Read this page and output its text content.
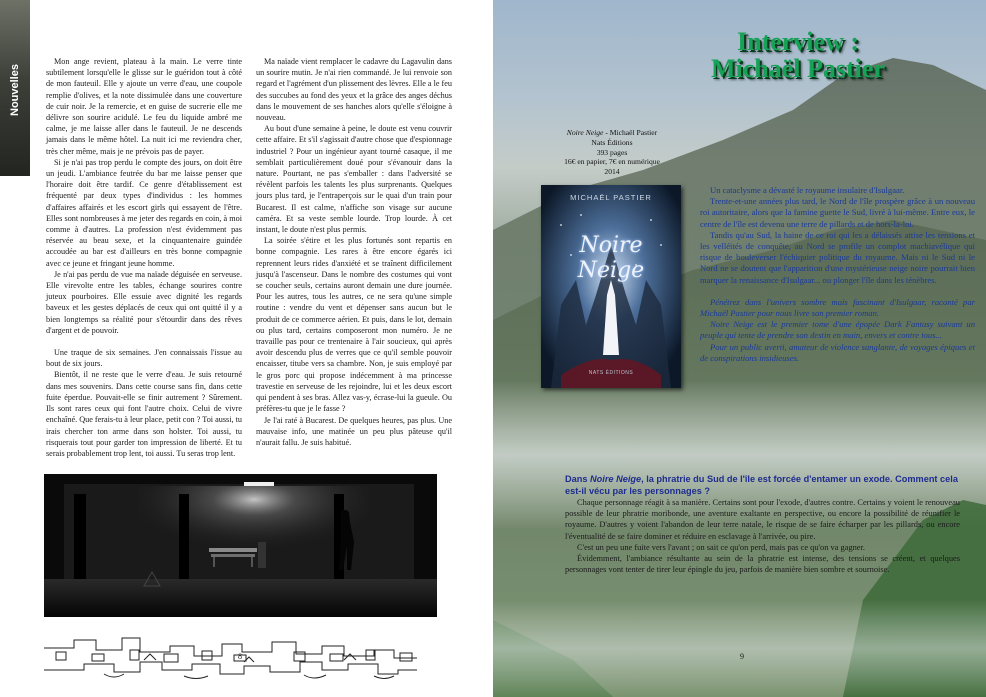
Nouvelles

Mon ange revient, plateau à la main. Le verre tinte subtilement lorsqu'elle le glisse sur le guéridon tout à côté de mon fauteuil. Elle y ajoute un verre d'eau, une coupole remplie d'olives, et la note dissimulée dans une couverture de cuir noir. Je la remercie, et en guise de sucrerie elle me délivre son sourire acidulé. Le feu du liquide ambré me calme, je me laisse aller dans le fauteuil. Je ne descends jamais dans le même hôtel. La nuit ici me reviendra cher, très cher même, mais je ne prévois pas de payer.

Si je n'ai pas trop perdu le compte des jours, on doit être un jeudi. L'ambiance feutrée du bar me laisse penser que l'horaire doit être tardif. Ce genre d'établissement est fréquenté par deux types d'individus : les hommes d'affaires affairés et les escort girls qui essayent de l'être. Elles sont nombreuses à me jeter des regards en coin, à moi comme à d'autres. La profession n'est évidemment pas réservée au beau sexe, et la cinquantenaire guindée accoudée au bar est d'ailleurs en très bonne compagnie avec ce jeune et fringant jeune homme.

Je n'ai pas perdu de vue ma naïade déguisée en serveuse. Elle virevolte entre les tables, échange sourires contre juteux pourboires. Elle essuie avec dignité les regards baveux et les gestes déplacés de ceux qui ont quitté il y a bien longtemps sa réalité pour s'étourdir dans des rêves d'argent et de pouvoir.

Une traque de six semaines. J'en connaissais l'issue au bout de six jours.

Bientôt, il ne reste que le verre d'eau. Je suis retourné dans mes souvenirs. Dans cette course sans fin, dans cette fuite éperdue. Pouvait-elle se finir autrement ? Sûrement. Ils sont rares ceux qui font l'autre choix. Celui de vivre enchaîné. Que ferais-tu à leur place, petit con ? Toi aussi, tu irais chercher ton arme dans son holster. Toi aussi, tu risquerais tout pour garder ton impression de liberté. Et tu serais probablement trop lent, toi aussi. Tu seras trop lent.

Ma naïade vient remplacer le cadavre du Lagavulin dans un sourire mutin. Je n'ai rien commandé. Je lui renvoie son regard et l'agrément d'un plissement des lèvres. Elle a le feu des succubes au fond des yeux et la grâce des anges déchus dans le mouvement de ses hanches alors qu'elle s'éloigne à nouveau.

Au bout d'une semaine à peine, le doute est venu couvrir cette affaire. Et s'il s'agissait d'autre chose que d'espionnage industriel ? Pour un ingénieur ayant tourné casaque, il me semblait particulièrement doué pour s'évanouir dans la nature. Pourtant, ne pas s'emballer : dans l'adversité se révèlent parfois les talents les plus surprenants. Quelques jours plus tard, je l'entraperçois sur le quai d'un train pour Bucarest. Il est calme, n'affiche son visage sur aucune caméra. Et sa veste semble lourde. Trop lourde. À cet instant, le doute n'est plus permis.

La soirée s'étire et les plus fortunés sont repartis en bonne compagnie. Les rares à être encore égarés ici reprennent leurs rides d'anxiété et se traînent difficilement jusqu'à l'ascenseur. Dans le nombre des costumes qui vont se coucher seuls, certains auront demain une dure journée. Pour les autres, tous les autres, ce ne sera qu'une simple routine : vendre du vent et dépenser sans aucun but le produit de ce commerce aérien. Et puis, dans le lot, demain ou plus tard, certains composeront mon numéro. Je ne travaille pas pour ce trentenaire à l'air soucieux, qui après avoir descendu plus de verres que ce qu'il semble pouvoir encaisser, titube vers sa chambre. Non, je suis employé par le gros porc qui propose indécemment à ma princesse travestie en serveuse de les rejoindre, lui et les deux escort qui pendent à ses bras. Allez vas-y, écrase-lui la gueule. Ou préfères-tu que je le fasse ?

Je l'ai raté à Bucarest. De quelques heures, pas plus. Une mauvaise info, une matinée un peu plus pâteuse qu'il n'aurait fallu. Je suis habitué.

8
Interview :
Michaël Pastier
Noire Neige - Michaël Pastier
Nats Éditions
393 pages
16€ en papier, 7€ en numérique
2014
MICHAËL PASTIER
Noire Neige
NATS ÉDITIONS

Un cataclysme a dévasté le royaume insulaire d'Isulgaar.

Trente-et-une années plus tard, le Nord de l'île prospère grâce à un nouveau roi autoritaire, alors que la famine guette le Sud, livré à lui-même. Entre eux, le centre de l'île est devenu une terre de pillards et de hors-la-loi.

Tandis qu'au Sud, la haine de ce roi qui les a délaissés attise les tensions et les velléités de conquête, au Nord se profile un complot machiavélique qui risque de bouleverser l'échiquier politique du royaume. Mais ni le Sud ni le Nord ne se doutent que l'apparition d'une mystérieuse neige noire pourrait bien marquer la renaissance d'Isulgaar... ou plonger l'île dans les ténèbres.

Pénétrez dans l'univers sombre mais fascinant d'Isulgaar, raconté par Michaël Pastier pour nous livre son premier roman.

Noire Neige est le premier tome d'une épopée Dark Fantasy suivant un peuple qui tente de prendre son destin en main, envers et contre tous...

Pour un public averti, amateur de violence sanglante, de voyages épiques et de conspirations insidieuses.

Dans Noire Neige, la phratrie du Sud de l'île est forcée d'entamer un exode. Comment cela est-il vécu par les personnages ?

Chaque personnage réagit à sa manière. Certains sont pour l'exode, d'autres contre. Certains y voient le renouveau possible de leur phratrie moribonde, une aventure exaltante en perspective, ou encore la possibilité de réunifier le royaume. D'autres y voient l'abandon de leur terre natale, le risque de se faire écharper par les pillards, ou encore l'éventualité de se faire dominer et réduire en esclavage à l'arrivée, ou pire.

C'est un peu une fuite vers l'avant ; on sait ce qu'on perd, mais pas ce qu'on va gagner.

Évidemment, l'ambiance résultante au sein de la phratrie est intense, des tensions se créent, et quelques personnages vont tenter de tirer leur épingle du jeu, parfois de manière bien sombre et sournoise.

9
